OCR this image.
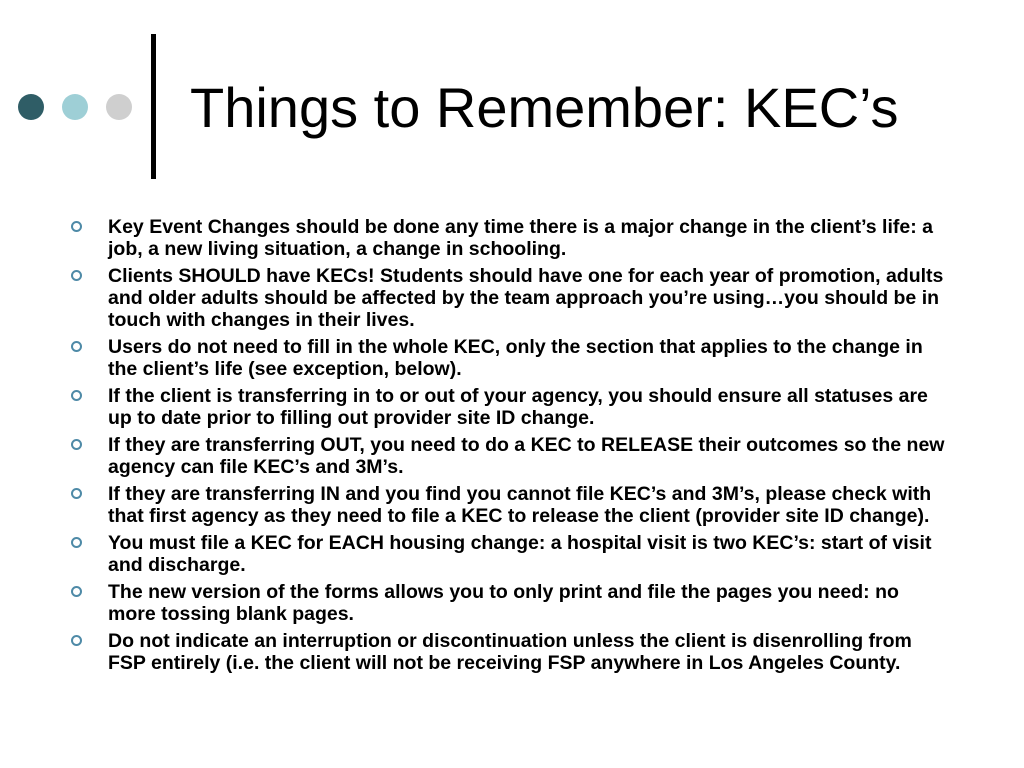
Things to Remember: KEC’s
Key Event Changes should be done any time there is a major change in the client’s life: a job, a new living situation, a change in schooling.
Clients SHOULD have KECs! Students should have one for each year of promotion, adults and older adults should be affected by the team approach you’re using…you should be in touch with changes in their lives.
Users do not need to fill in the whole KEC, only the section that applies to the change in the client’s life (see exception, below).
If the client is transferring in to or out of your agency, you should ensure all statuses are up to date prior to filling out provider site ID change.
If they are transferring OUT, you need to do a KEC to RELEASE their outcomes so the new agency can file KEC’s and 3M’s.
If they are transferring IN and you find you cannot file KEC’s and 3M’s, please check with that first agency as they need to file a KEC to release the client (provider site ID change).
You must file a KEC for EACH housing change: a hospital visit is two KEC’s: start of visit and discharge.
The new version of the forms allows you to only print and file the pages you need: no more tossing blank pages.
Do not indicate an interruption or discontinuation unless the client is disenrolling from FSP entirely (i.e. the client will not be receiving FSP anywhere in Los Angeles County.
